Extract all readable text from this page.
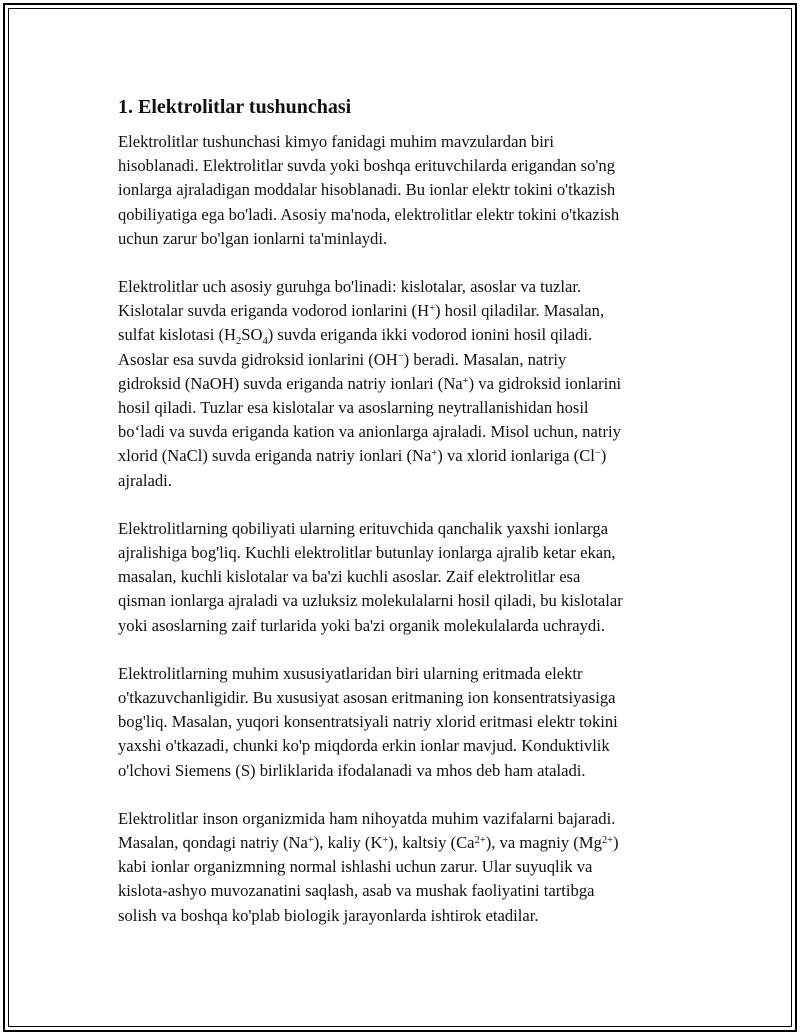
1. Elektrolitlar tushunchasi

Elektrolitlar tushunchasi kimyo fanidagi muhim mavzulardan biri
hisoblanadi. Elektrolitlar suvda yoki boshqa erituvchilarda erigandan so'ng
ionlarga ajraladigan moddalar hisoblanadi. Bu ionlar elektr tokini o'tkazish
qobiliyatiga ega bo'ladi. Asosiy ma'noda, elektrolitlar elektr tokini o'tkazish
uchun zarur bo'lgan ionlarni ta'minlaydi.

Elektrolitlar uch asosiy guruhga bo'linadi: kislotalar, asoslar va tuzlar.
Kislotalar suvda eriganda vodorod ionlarini (H+) hosil qiladilar. Masalan,
sulfat kislotasi $(H_2SO_4)$ suvda eriganda ikki vodorod ionini hosil qiladi.
Asoslar esa suvda gidroksid ionlarini (OH−) beradi. Masalan, natriy
gidroksid (NaOH) suvda eriganda natriy ionlari (Na+) va gidroksid ionlarini
hosil qiladi. Tuzlar esa kislotalar va asoslarning neytrallanishidan hosil
bo‘ladi va suvda eriganda kation va anionlarga ajraladi. Misol uchun, natriy
xlorid (NaCl) suvda eriganda natriy ionlari (Na+) va xlorid ionlariga (Cl−)
ajraladi.

Elektrolitlarning qobiliyati ularning erituvchida qanchalik yaxshi ionlarga
ajralishiga bog'liq. Kuchli elektrolitlar butunlay ionlarga ajralib ketar ekan,
masalan, kuchli kislotalar va ba'zi kuchli asoslar. Zaif elektrolitlar esa
qisman ionlarga ajraladi va uzluksiz molekulalarni hosil qiladi, bu kislotalar
yoki asoslarning zaif turlarida yoki ba'zi organik molekulalarda uchraydi.

Elektrolitlarning muhim xususiyatlaridan biri ularning eritmada elektr
o'tkazuvchanligidir. Bu xususiyat asosan eritmaning ion konsentratsiyasiga
bog'liq. Masalan, yuqori konsentratsiyali natriy xlorid eritmasi elektr tokini
yaxshi o'tkazadi, chunki ko'p miqdorda erkin ionlar mavjud. Konduktivlik
o'lchovi Siemens (S) birliklarida ifodalanadi va mhos deb ham ataladi.

Elektrolitlar inson organizmida ham nihoyatda muhim vazifalarni bajaradi.
Masalan, qondagi natriy (Na+), kaliy (K+), kaltsiy $(Ca^{2+})$, va magniy $(Mg^{2+})$
kabi ionlar organizmning normal ishlashi uchun zarur. Ular suyuqlik va
kislota-ashyo muvozanatini saqlash, asab va mushak faoliyatini tartibga
solish va boshqa ko'plab biologik jarayonlarda ishtirok etadilar.
